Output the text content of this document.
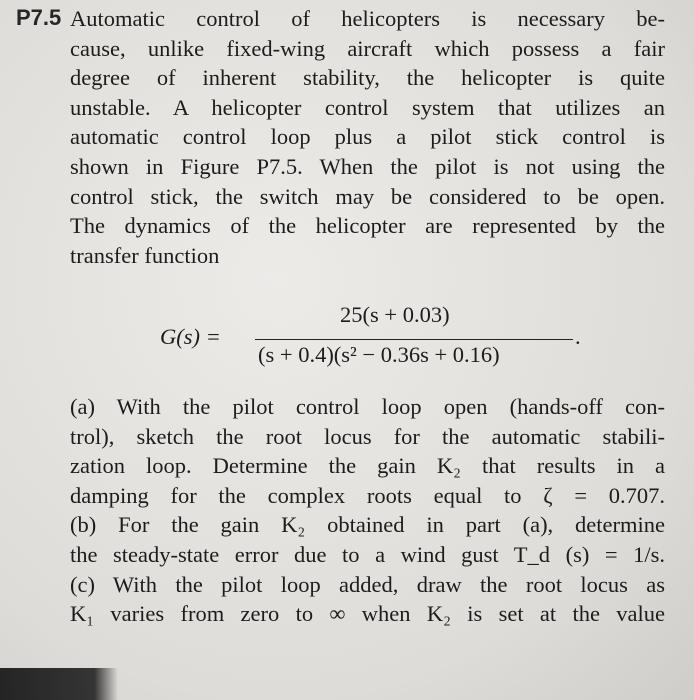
P7.5 Automatic control of helicopters is necessary be-
cause, unlike fixed-wing aircraft which possess a fair
degree of inherent stability, the helicopter is quite
unstable. A helicopter control system that utilizes an
automatic control loop plus a pilot stick control is
shown in Figure P7.5. When the pilot is not using the
control stick, the switch may be considered to be open.
The dynamics of the helicopter are represented by the
transfer function
G(s) =
25(s + 0.03)
(s + 0.4)(s² − 0.36s + 0.16)
.
(a) With the pilot control loop open (hands-off con-
trol), sketch the root locus for the automatic stabili-
zation loop. Determine the gain K₂ that results in a
damping for the complex roots equal to ζ = 0.707.
(b) For the gain K₂ obtained in part (a), determine
the steady-state error due to a wind gust T_d (s) = 1/s.
(c) With the pilot loop added, draw the root locus as
K₁ varies from zero to ∞ when K₂ is set at the value
